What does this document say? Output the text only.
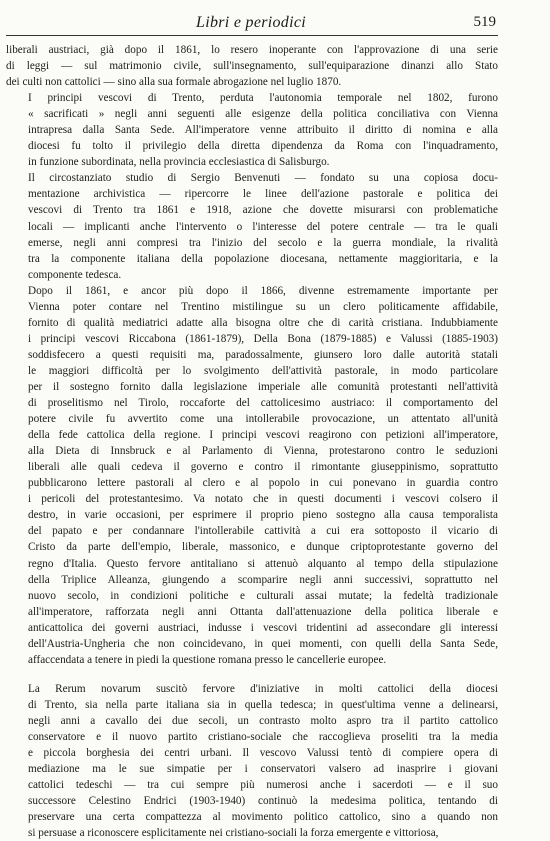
Libri e periodici	519
liberali austriaci, già dopo il 1861, lo resero inoperante con l'approvazione di una serie
di leggi — sul matrimonio civile, sull'insegnamento, sull'equiparazione dinanzi allo Stato
dei culti non cattolici — sino alla sua formale abrogazione nel luglio 1870.
I principi vescovi di Trento, perduta l'autonomia temporale nel 1802, furono
« sacrificati » negli anni seguenti alle esigenze della politica conciliativa con Vienna
intrapresa dalla Santa Sede. All'imperatore venne attribuito il diritto di nomina e alla
diocesi fu tolto il privilegio della diretta dipendenza da Roma con l'inquadramento,
in funzione subordinata, nella provincia ecclesiastica di Salisburgo.
Il circostanziato studio di Sergio Benvenuti — fondato su una copiosa docu-
mentazione archivistica — ripercorre le linee dell'azione pastorale e politica dei
vescovi di Trento tra 1861 e 1918, azione che dovette misurarsi con problematiche
locali — implicanti anche l'intervento o l'interesse del potere centrale — tra le quali
emerse, negli anni compresi tra l'inizio del secolo e la guerra mondiale, la rivalità
tra la componente italiana della popolazione diocesana, nettamente maggioritaria, e la
componente tedesca.
Dopo il 1861, e ancor più dopo il 1866, divenne estremamente importante per
Vienna poter contare nel Trentino mistilingue su un clero politicamente affidabile,
fornito di qualità mediatrici adatte alla bisogna oltre che di carità cristiana. Indubbiamente
i principi vescovi Riccabona (1861-1879), Della Bona (1879-1885) e Valussi (1885-1903)
soddisfecero a questi requisiti ma, paradossalmente, giunsero loro dalle autorità statali
le maggiori difficoltà per lo svolgimento dell'attività pastorale, in modo particolare
per il sostegno fornito dalla legislazione imperiale alle comunità protestanti nell'attività
di proselitismo nel Tirolo, roccaforte del cattolicesimo austriaco: il comportamento del
potere civile fu avvertito come una intollerabile provocazione, un attentato all'unità
della fede cattolica della regione. I principi vescovi reagirono con petizioni all'imperatore,
alla Dieta di Innsbruck e al Parlamento di Vienna, protestarono contro le seduzioni
liberali alle quali cedeva il governo e contro il rimontante giuseppinismo, soprattutto
pubblicarono lettere pastorali al clero e al popolo in cui ponevano in guardia contro
i pericoli del protestantesimo. Va notato che in questi documenti i vescovi colsero il
destro, in varie occasioni, per esprimere il proprio pieno sostegno alla causa temporalista
del papato e per condannare l'intollerabile cattività a cui era sottoposto il vicario di
Cristo da parte dell'empio, liberale, massonico, e dunque criptoprotestante governo del
regno d'Italia. Questo fervore antitaliano si attenuò alquanto al tempo della stipulazione
della Triplice Alleanza, giungendo a scomparire negli anni successivi, soprattutto nel
nuovo secolo, in condizioni politiche e culturali assai mutate; la fedeltà tradizionale
all'imperatore, rafforzata negli anni Ottanta dall'attenuazione della politica liberale e
anticattolica dei governi austriaci, indusse i vescovi tridentini ad assecondare gli interessi
dell'Austria-Ungheria che non coincidevano, in quei momenti, con quelli della Santa Sede,
affaccendata a tenere in piedi la questione romana presso le cancellerie europee.
La Rerum novarum suscitò fervore d'iniziative in molti cattolici della diocesi
di Trento, sia nella parte italiana sia in quella tedesca; in quest'ultima venne a delinearsi,
negli anni a cavallo dei due secoli, un contrasto molto aspro tra il partito cattolico
conservatore e il nuovo partito cristiano-sociale che raccoglieva proseliti tra la media
e piccola borghesia dei centri urbani. Il vescovo Valussi tentò di compiere opera di
mediazione ma le sue simpatie per i conservatori valsero ad inasprire i giovani
cattolici tedeschi — tra cui sempre più numerosi anche i sacerdoti — e il suo
successore Celestino Endrici (1903-1940) continuò la medesima politica, tentando di
preservare una certa compattezza al movimento politico cattolico, sino a quando non
si persuase a riconoscere esplicitamente nei cristiano-sociali la forza emergente e vittoriosa,
